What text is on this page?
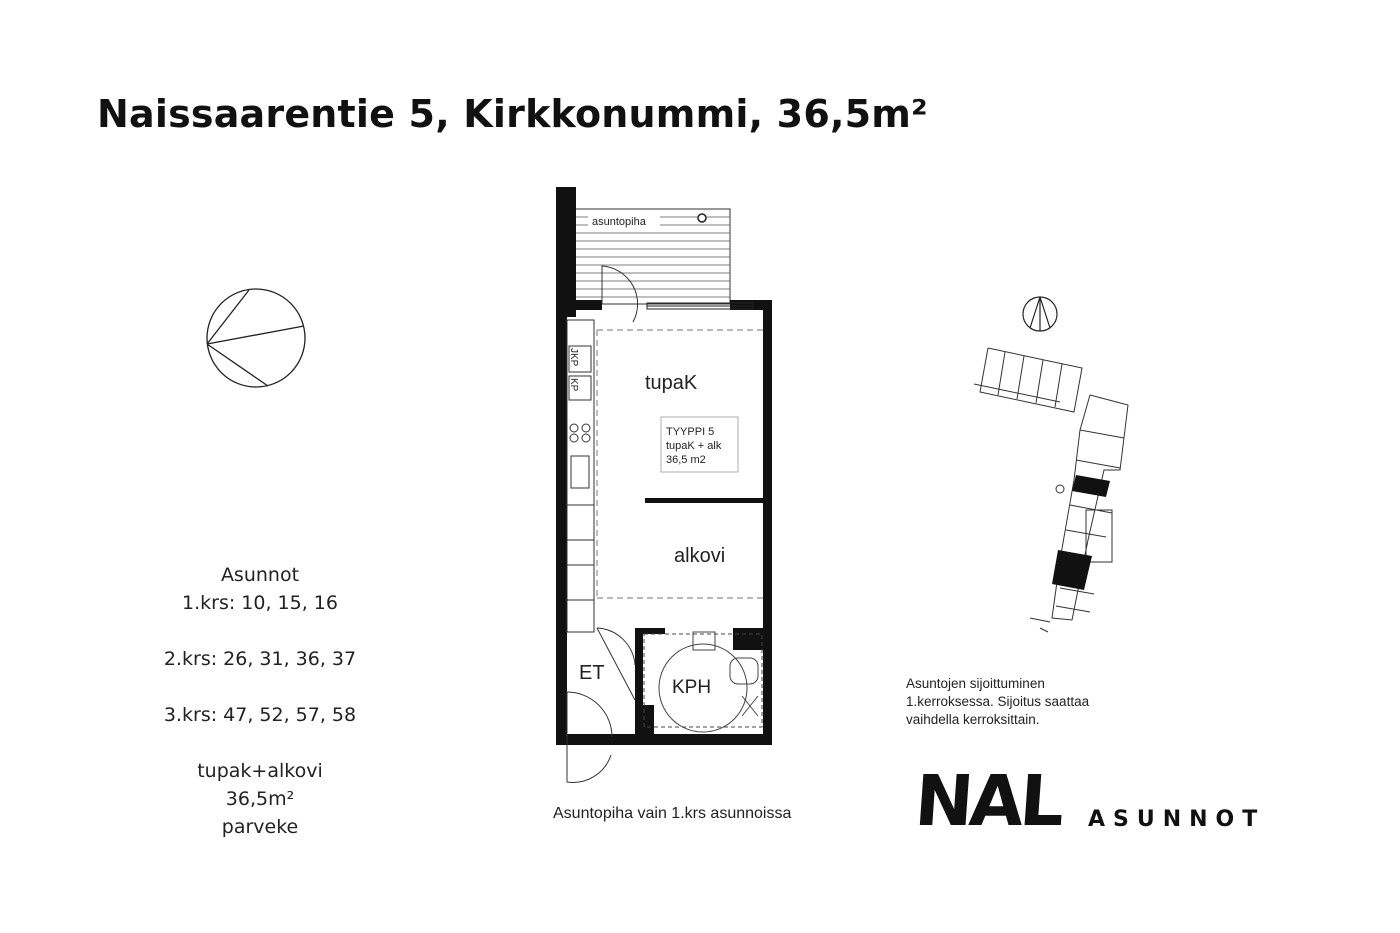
Naissaarentie 5, Kirkkonummi, 36,5m²
Asunnot
1.krs: 10, 15, 16
2.krs: 26, 31, 36, 37
3.krs: 47, 52, 57, 58
tupak+alkovi
36,5m²
parveke
asuntopiha
JKP
KP
TYYPPI 5
tupaK + alk
36,5 m2
tupaK
alkovi
ET
KPH
Asuntopiha vain 1.krs asunnoissa
Asuntojen sijoittuminen
1.kerroksessa. Sijoitus saattaa
vaihdella kerroksittain.
NAL ASUNNOT
